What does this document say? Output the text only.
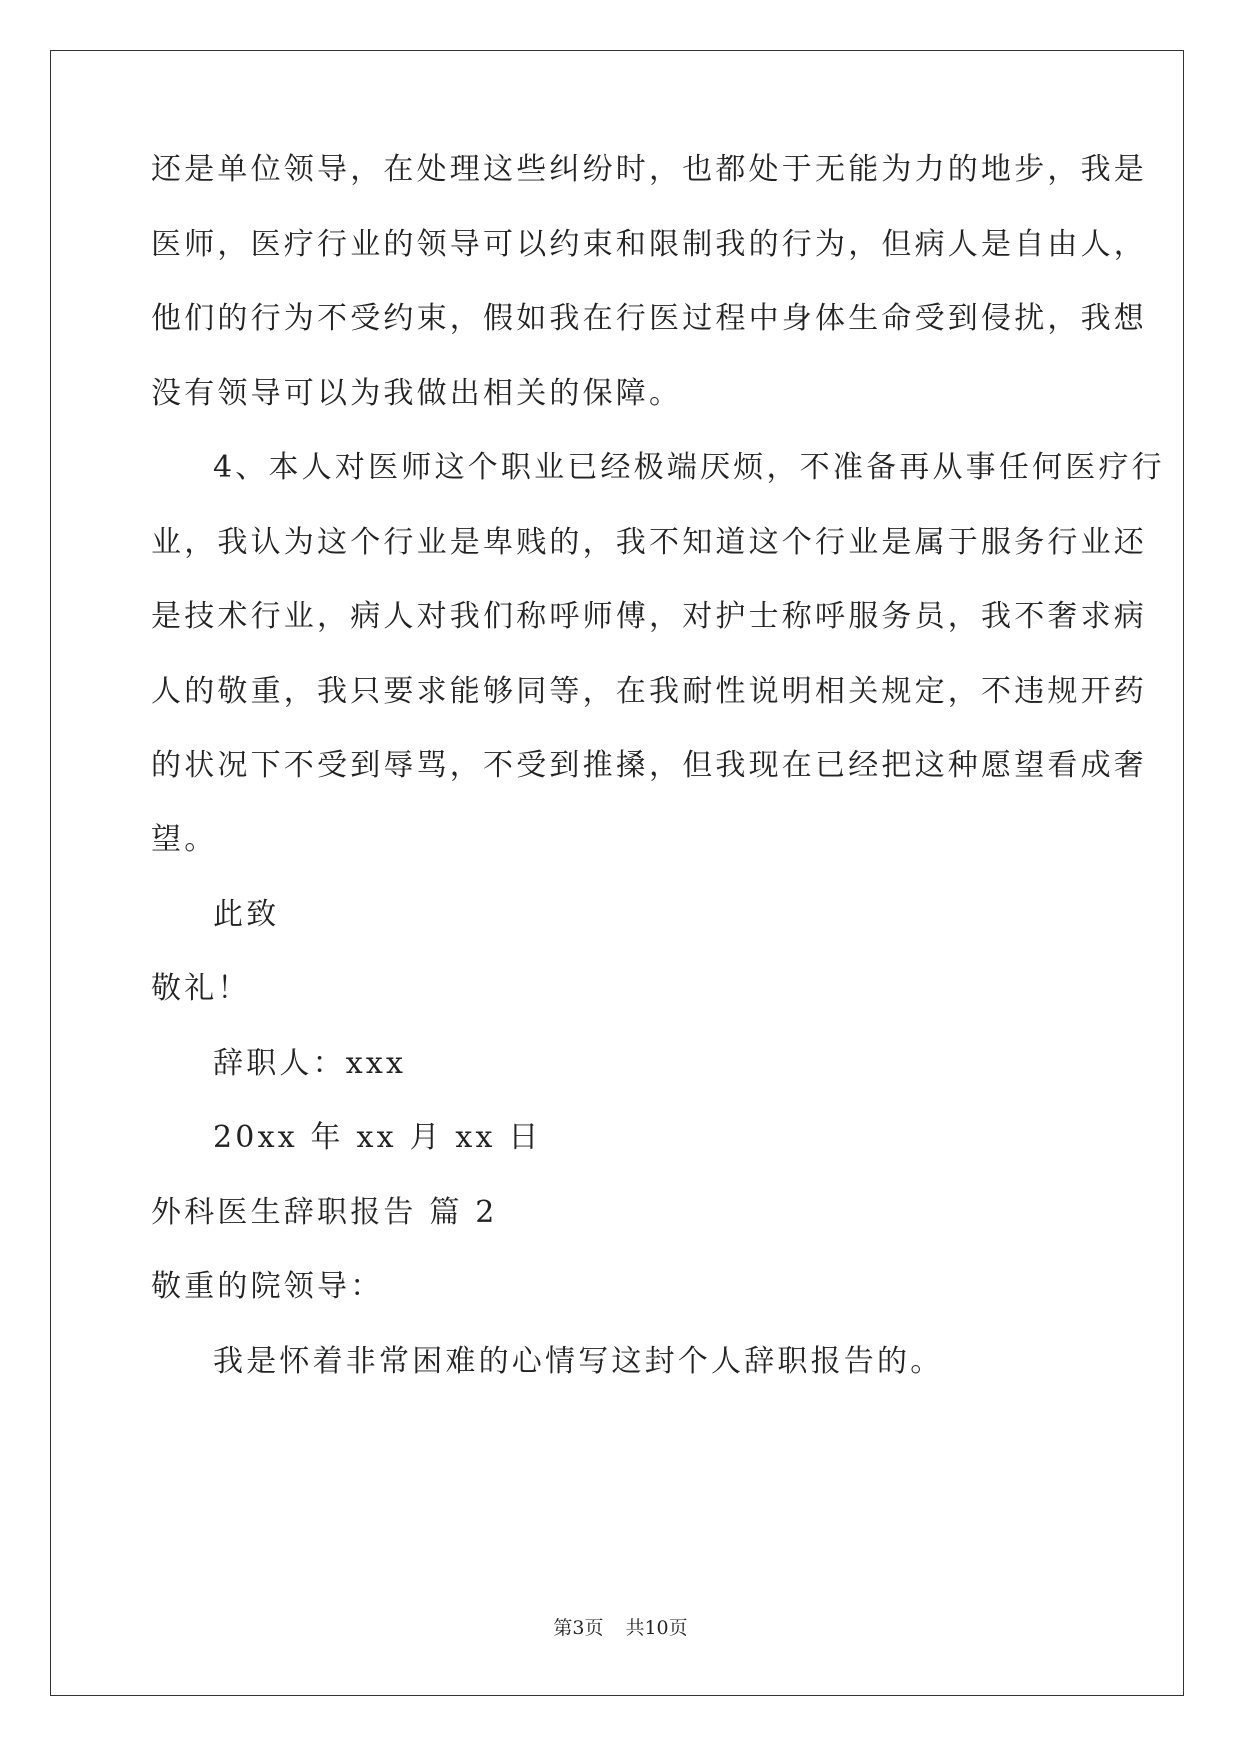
还是单位领导，在处理这些纠纷时，也都处于无能为力的地步，我是
医师，医疗行业的领导可以约束和限制我的行为，但病人是自由人，
他们的行为不受约束，假如我在行医过程中身体生命受到侵扰，我想
没有领导可以为我做出相关的保障。
4、本人对医师这个职业已经极端厌烦，不准备再从事任何医疗行
业，我认为这个行业是卑贱的，我不知道这个行业是属于服务行业还
是技术行业，病人对我们称呼师傅，对护士称呼服务员，我不奢求病
人的敬重，我只要求能够同等，在我耐性说明相关规定，不违规开药
的状况下不受到辱骂，不受到推搡，但我现在已经把这种愿望看成奢
望。
此致
敬礼！
辞职人：xxx
20xx 年 xx 月 xx 日
外科医生辞职报告 篇 2
敬重的院领导：
我是怀着非常困难的心情写这封个人辞职报告的。
第3页 共10页
